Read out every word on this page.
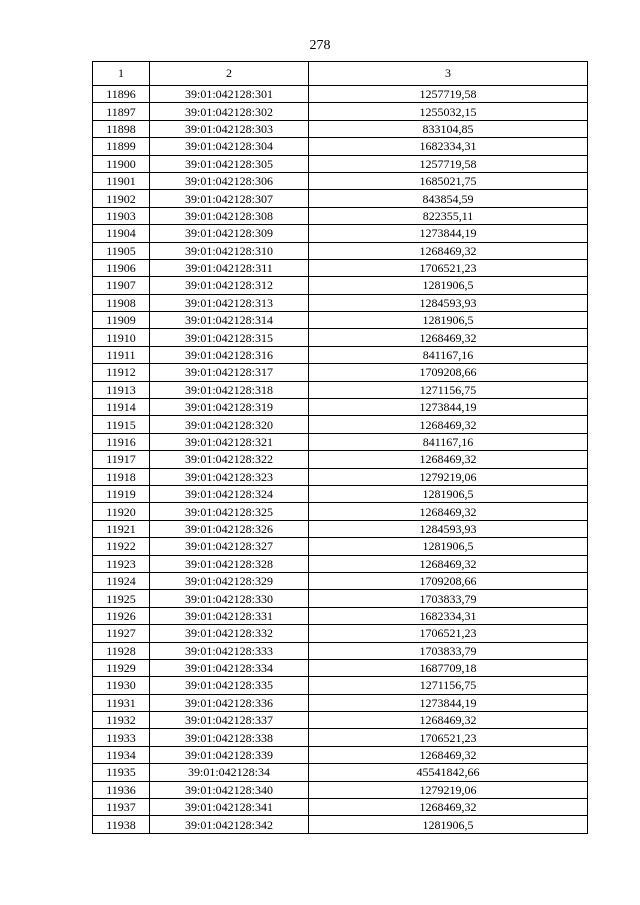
278
1	2	3
11896	39:01:042128:301	1257719,58
11897	39:01:042128:302	1255032,15
11898	39:01:042128:303	833104,85
11899	39:01:042128:304	1682334,31
11900	39:01:042128:305	1257719,58
11901	39:01:042128:306	1685021,75
11902	39:01:042128:307	843854,59
11903	39:01:042128:308	822355,11
11904	39:01:042128:309	1273844,19
11905	39:01:042128:310	1268469,32
11906	39:01:042128:311	1706521,23
11907	39:01:042128:312	1281906,5
11908	39:01:042128:313	1284593,93
11909	39:01:042128:314	1281906,5
11910	39:01:042128:315	1268469,32
11911	39:01:042128:316	841167,16
11912	39:01:042128:317	1709208,66
11913	39:01:042128:318	1271156,75
11914	39:01:042128:319	1273844,19
11915	39:01:042128:320	1268469,32
11916	39:01:042128:321	841167,16
11917	39:01:042128:322	1268469,32
11918	39:01:042128:323	1279219,06
11919	39:01:042128:324	1281906,5
11920	39:01:042128:325	1268469,32
11921	39:01:042128:326	1284593,93
11922	39:01:042128:327	1281906,5
11923	39:01:042128:328	1268469,32
11924	39:01:042128:329	1709208,66
11925	39:01:042128:330	1703833,79
11926	39:01:042128:331	1682334,31
11927	39:01:042128:332	1706521,23
11928	39:01:042128:333	1703833,79
11929	39:01:042128:334	1687709,18
11930	39:01:042128:335	1271156,75
11931	39:01:042128:336	1273844,19
11932	39:01:042128:337	1268469,32
11933	39:01:042128:338	1706521,23
11934	39:01:042128:339	1268469,32
11935	39:01:042128:34	45541842,66
11936	39:01:042128:340	1279219,06
11937	39:01:042128:341	1268469,32
11938	39:01:042128:342	1281906,5
